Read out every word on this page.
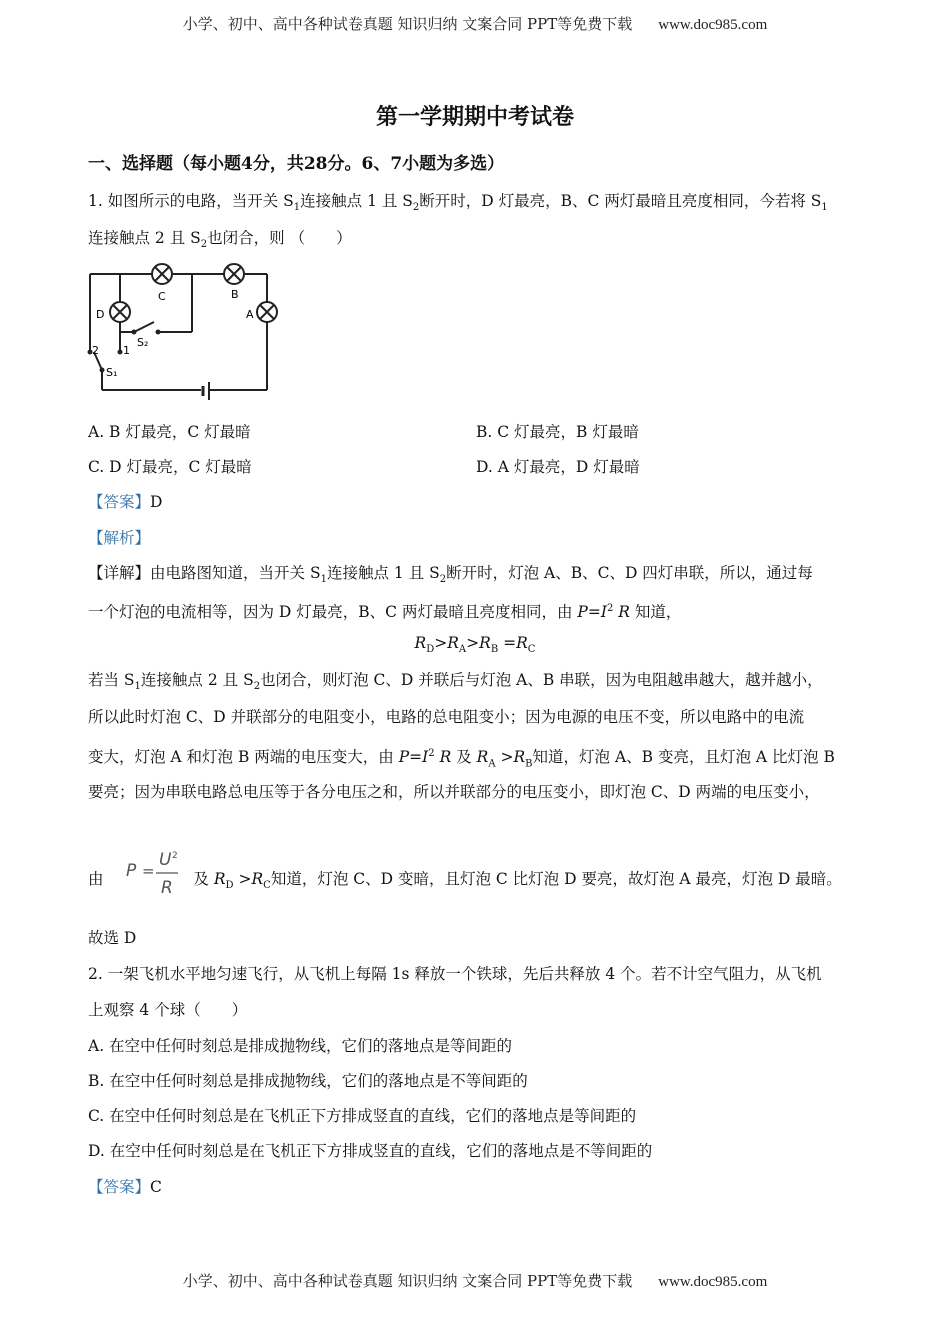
小学、初中、高中各种试卷真题 知识归纳 文案合同 PPT等免费下载 www.doc985.com
第一学期期中考试卷
一、选择题（每小题4分，共28分。6、7小题为多选）
1. 如图所示的电路，当开关 $S_1$连接触点 1 且 $S_2$断开时，D 灯最亮，B、C 两灯最暗且亮度相同，今若将 $S_1$
连接触点 2 且 $S_2$也闭合，则 （　　）
C	B
D	A
S₂
2 1
S₁
A. B 灯最亮，C 灯最暗	B. C 灯最亮，B 灯最暗
C. D 灯最亮，C 灯最暗	D. A 灯最亮，D 灯最暗
【答案】D
【解析】
【详解】由电路图知道，当开关 $S_1$连接触点 1 且 $S_2$断开时，灯泡 A、B、C、D 四灯串联，所以，通过每
一个灯泡的电流相等，因为 D 灯最亮，B、C 两灯最暗且亮度相同，由 $P=I^2$ R 知道，
$R_D>R_A>R_B =R_C$
若当 $S_1$连接触点 2 且 $S_2$也闭合，则灯泡 C、D 并联后与灯泡 A、B 串联，因为电阻越串越大，越并越小，
所以此时灯泡 C、D 并联部分的电阻变小，电路的总电阻变小；因为电源的电压不变，所以电路中的电流
变大，灯泡 A 和灯泡 B 两端的电压变大，由 $P=I^2$ R 及 $R_A >R_B$知道，灯泡 A、B 变亮，且灯泡 A 比灯泡 B
要亮；因为串联电路总电压等于各分电压之和，所以并联部分的电压变小，即灯泡 C、D 两端的电压变小，
由 P =
U 2
R 及 $R_D >R_C$知道，灯泡 C、D 变暗，且灯泡 C 比灯泡 D 要亮，故灯泡 A 最亮，灯泡 D 最暗。
故选 D
2. 一架飞机水平地匀速飞行，从飞机上每隔 1s 释放一个铁球，先后共释放 4 个。若不计空气阻力，从飞机
上观察 4 个球（　　）
A. 在空中任何时刻总是排成抛物线，它们的落地点是等间距的
B. 在空中任何时刻总是排成抛物线，它们的落地点是不等间距的
C. 在空中任何时刻总是在飞机正下方排成竖直的直线，它们的落地点是等间距的
D. 在空中任何时刻总是在飞机正下方排成竖直的直线，它们的落地点是不等间距的
【答案】C
小学、初中、高中各种试卷真题 知识归纳 文案合同 PPT等免费下载 www.doc985.com
